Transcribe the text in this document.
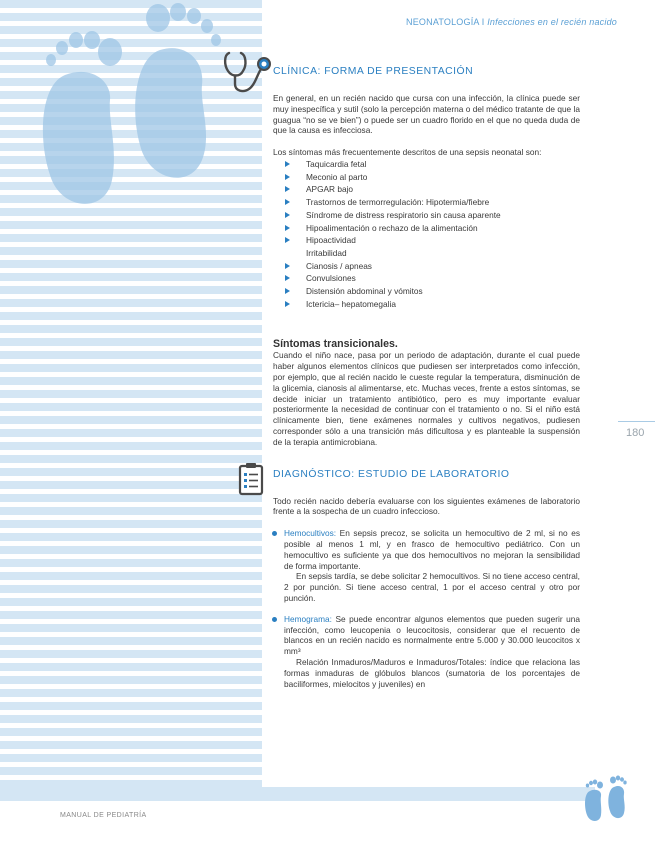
NEONATOLOGÍA I Infecciones en el recién nacido
180
MANUAL DE PEDIATRÍA
CLÍNICA: FORMA DE PRESENTACIÓN

En general, en un recién nacido que cursa con una infección, la clínica puede ser muy inespecífica y sutil (solo la percepción materna o del médico tratante de que la guagua “no se ve bien”) o puede ser un cuadro florido en el que no queda duda de que la causa es infecciosa.

Los síntomas más frecuentemente descritos de una sepsis neonatal son:

Taquicardia fetal
Meconio al parto
APGAR bajo
Trastornos de termorregulación: Hipotermia/fiebre
Síndrome de distress respiratorio sin causa aparente
Hipoalimentación o rechazo de la alimentación
Hipoactividad
Irritabilidad
Cianosis / apneas
Convulsiones
Distensión abdominal y vómitos
Ictericia– hepatomegalia
Síntomas transicionales.

Cuando el niño nace, pasa por un periodo de adaptación, durante el cual puede haber algunos elementos clínicos que pudiesen ser interpretados como infección, por ejemplo, que al recién nacido le cueste regular la temperatura, disminución de la glicemia, cianosis al alimentarse, etc. Muchas veces, frente a estos síntomas, se decide iniciar un tratamiento antibiótico, pero es muy importante evaluar posteriormente la necesidad de continuar con el tratamiento o no. Si el niño está clínicamente bien, tiene exámenes normales y cultivos negativos, pudiesen corresponder sólo a una transición más dificultosa y es planteable la suspensión de la terapia antimicrobiana.

DIAGNÓSTICO: ESTUDIO DE LABORATORIO

Todo recién nacido debería evaluarse con los siguientes exámenes de laboratorio frente a la sospecha de un cuadro infeccioso.

Hemocultivos: En sepsis precoz, se solicita un hemocultivo de 2 ml, si no es posible al menos 1 ml, y en frasco de hemocultivo pediátrico. Con un hemocultivo es suficiente ya que dos hemocultivos no mejoran la sensibilidad de forma importante.

En sepsis tardía, se debe solicitar 2 hemocultivos. Si no tiene acceso central, 2 por punción. Si tiene acceso central, 1 por el acceso central y otro por punción.

Hemograma: Se puede encontrar algunos elementos que pueden sugerir una infección, como leucopenia o leucocitosis, considerar que el recuento de blancos en un recién nacido es normalmente entre 5.000 y 30.000 leucocitos x mm³

Relación Inmaduros/Maduros e Inmaduros/Totales: índice que relaciona las formas inmaduras de glóbulos blancos (sumatoria de los porcentajes de baciliformes, mielocitos y juveniles) en
